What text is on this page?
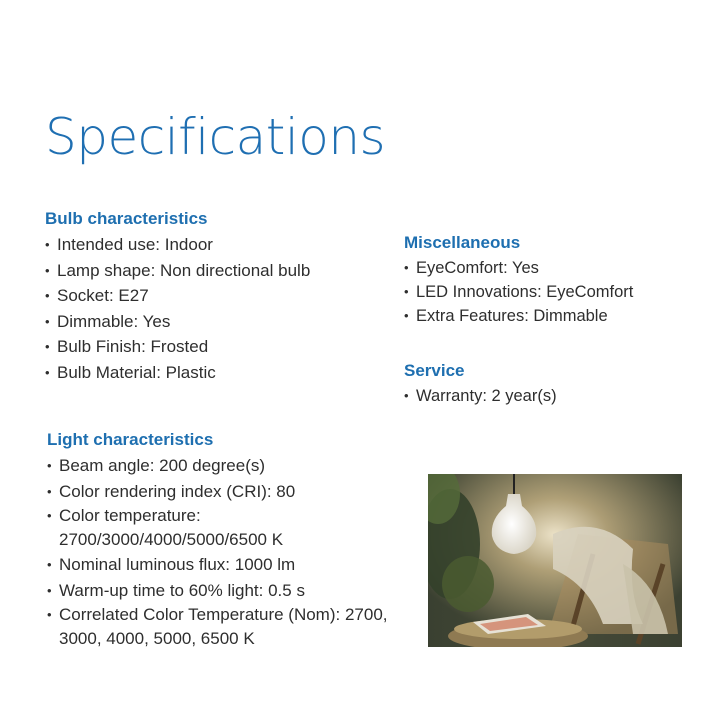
Specifications
Bulb characteristics
• Intended use: Indoor
• Lamp shape: Non directional bulb
• Socket: E27
• Dimmable: Yes
• Bulb Finish: Frosted
• Bulb Material: Plastic
Light characteristics
• Beam angle: 200 degree(s)
• Color rendering index (CRI): 80
• Color temperature: 2700/3000/4000/5000/6500 K
• Nominal luminous flux: 1000 lm
• Warm-up time to 60% light: 0.5 s
• Correlated Color Temperature (Nom): 2700, 3000, 4000, 5000, 6500 K
Miscellaneous
• EyeComfort: Yes
• LED Innovations: EyeComfort
• Extra Features: Dimmable
Service
• Warranty: 2 year(s)
